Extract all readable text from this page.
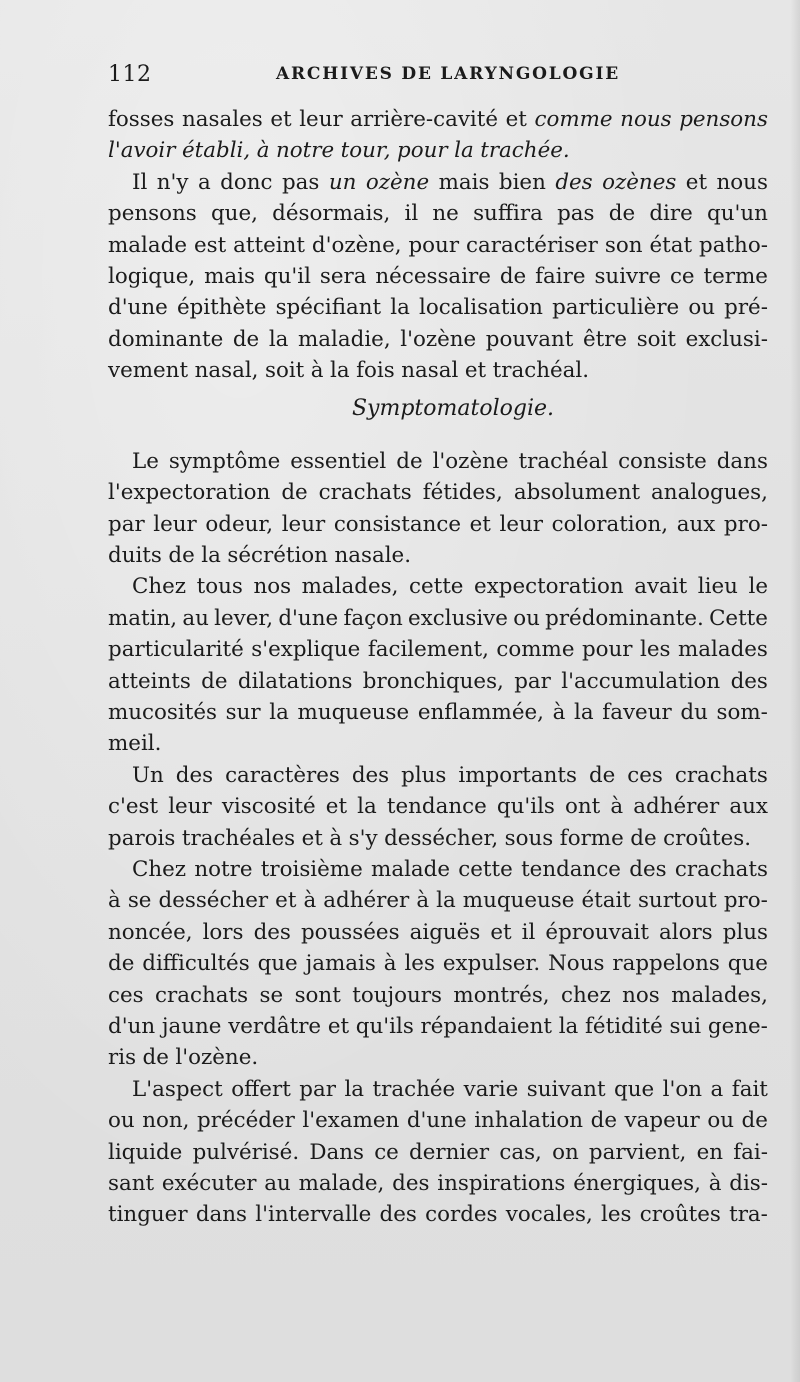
112	ARCHIVES DE LARYNGOLOGIE
fosses nasales et leur arrière-cavité et comme nous pensons
l'avoir établi, à notre tour, pour la trachée.
Il n'y a donc pas un ozène mais bien des ozènes et nous
pensons que, désormais, il ne suffira pas de dire qu'un
malade est atteint d'ozène, pour caractériser son état patho-
logique, mais qu'il sera nécessaire de faire suivre ce terme
d'une épithète spécifiant la localisation particulière ou pré-
dominante de la maladie, l'ozène pouvant être soit exclusi-
vement nasal, soit à la fois nasal et trachéal.
Symptomatologie.
Le symptôme essentiel de l'ozène trachéal consiste dans
l'expectoration de crachats fétides, absolument analogues,
par leur odeur, leur consistance et leur coloration, aux pro-
duits de la sécrétion nasale.
Chez tous nos malades, cette expectoration avait lieu le
matin, au lever, d'une façon exclusive ou prédominante. Cette
particularité s'explique facilement, comme pour les malades
atteints de dilatations bronchiques, par l'accumulation des
mucosités sur la muqueuse enflammée, à la faveur du som-
meil.
Un des caractères des plus importants de ces crachats
c'est leur viscosité et la tendance qu'ils ont à adhérer aux
parois trachéales et à s'y dessécher, sous forme de croûtes.
Chez notre troisième malade cette tendance des crachats
à se dessécher et à adhérer à la muqueuse était surtout pro-
noncée, lors des poussées aiguës et il éprouvait alors plus
de difficultés que jamais à les expulser. Nous rappelons que
ces crachats se sont toujours montrés, chez nos malades,
d'un jaune verdâtre et qu'ils répandaient la fétidité sui gene-
ris de l'ozène.
L'aspect offert par la trachée varie suivant que l'on a fait
ou non, précéder l'examen d'une inhalation de vapeur ou de
liquide pulvérisé. Dans ce dernier cas, on parvient, en fai-
sant exécuter au malade, des inspirations énergiques, à dis-
tinguer dans l'intervalle des cordes vocales, les croûtes tra-
